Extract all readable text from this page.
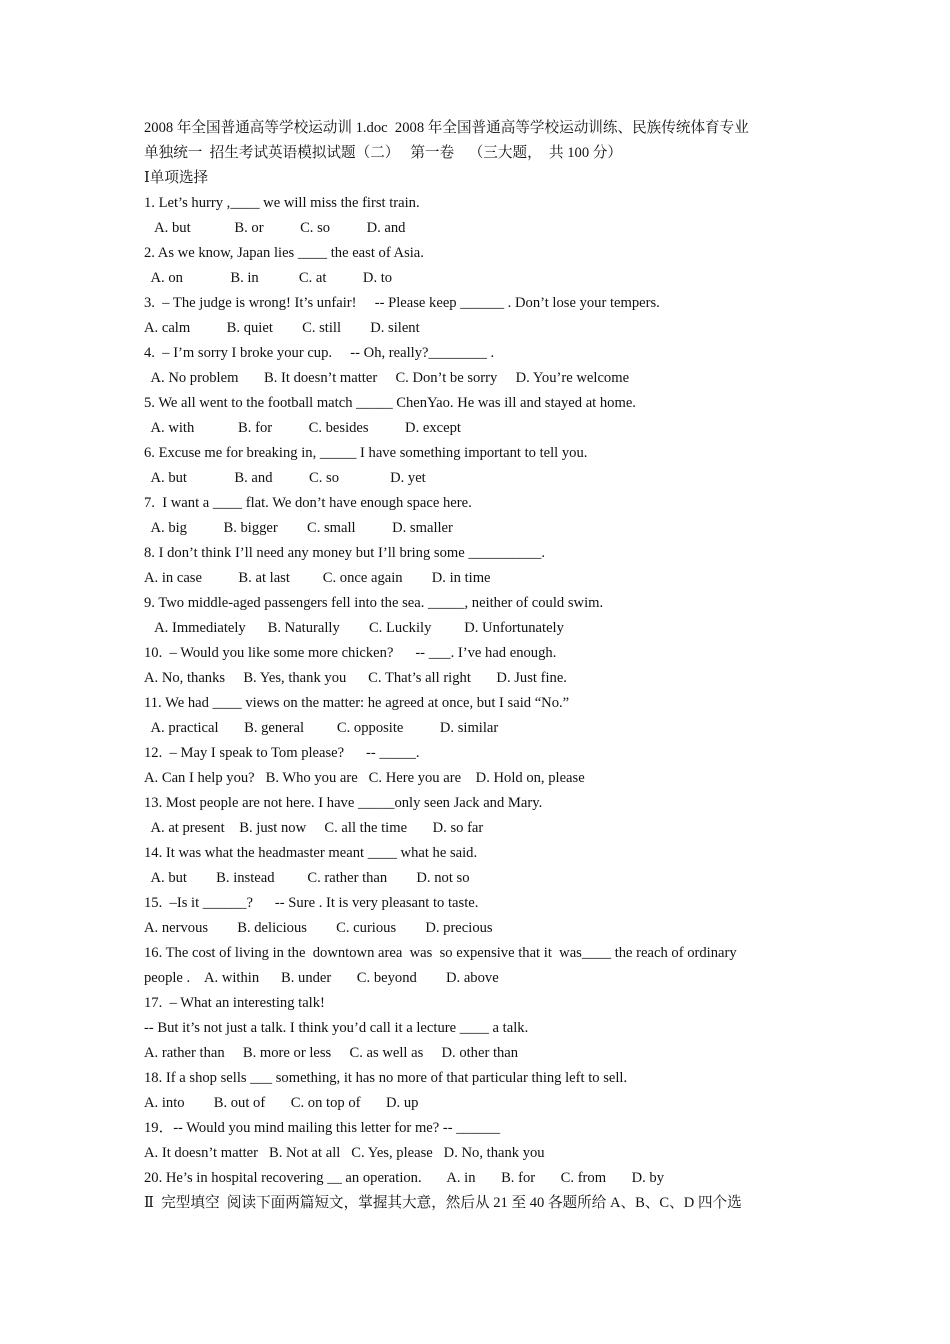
2008 年全国普通高等学校运动训 1.doc  2008 年全国普通高等学校运动训练、民族传统体育专业
单独统一  招生考试英语模拟试题（二）   第一卷    （三大题，  共 100 分）
Ⅰ单项选择
1. Let’s hurry ,____ we will miss the first train.
A. but            B. or          C. so          D. and
2. As we know, Japan lies ____ the east of Asia.
A. on             B. in           C. at          D. to
3.  – The judge is wrong! It’s unfair!     -- Please keep ______ . Don’t lose your tempers.
A. calm          B. quiet        C. still        D. silent
4.  – I’m sorry I broke your cup.     -- Oh, really?________ .
A. No problem       B. It doesn’t matter     C. Don’t be sorry     D. You’re welcome
5. We all went to the football match _____ ChenYao. He was ill and stayed at home.
A. with            B. for          C. besides          D. except
6. Excuse me for breaking in, _____ I have something important to tell you.
A. but             B. and          C. so              D. yet
7.  I want a ____ flat. We don’t have enough space here.
A. big          B. bigger        C. small          D. smaller
8. I don’t think I’ll need any money but I’ll bring some __________.
A. in case          B. at last         C. once again        D. in time
9. Two middle-aged passengers fell into the sea. _____, neither of could swim.
A. Immediately      B. Naturally        C. Luckily         D. Unfortunately
10.  – Would you like some more chicken?      -- ___. I’ve had enough.
A. No, thanks     B. Yes, thank you      C. That’s all right       D. Just fine.
11. We had ____ views on the matter: he agreed at once, but I said “No.”
A. practical       B. general         C. opposite          D. similar
12.  – May I speak to Tom please?      -- _____.
A. Can I help you?   B. Who you are   C. Here you are    D. Hold on, please
13. Most people are not here. I have _____only seen Jack and Mary.
A. at present    B. just now     C. all the time       D. so far
14. It was what the headmaster meant ____ what he said.
A. but        B. instead         C. rather than        D. not so
15.  –Is it ______?      -- Sure . It is very pleasant to taste.
A. nervous        B. delicious        C. curious        D. precious
16. The cost of living in the  downtown area  was  so expensive that it  was____ the reach of ordinary
people .    A. within      B. under       C. beyond        D. above
17.  – What an interesting talk!
-- But it’s not just a talk. I think you’d call it a lecture ____ a talk.
A. rather than     B. more or less     C. as well as     D. other than
18. If a shop sells ___ something, it has no more of that particular thing left to sell.
A. into        B. out of       C. on top of       D. up
19．-- Would you mind mailing this letter for me? -- ______
A. It doesn’t matter   B. Not at all   C. Yes, please   D. No, thank you
20. He’s in hospital recovering __ an operation.       A. in       B. for       C. from       D. by
Ⅱ  完型填空  阅读下面两篇短文，掌握其大意，然后从 21 至 40 各题所给 A、B、C、D 四个选
